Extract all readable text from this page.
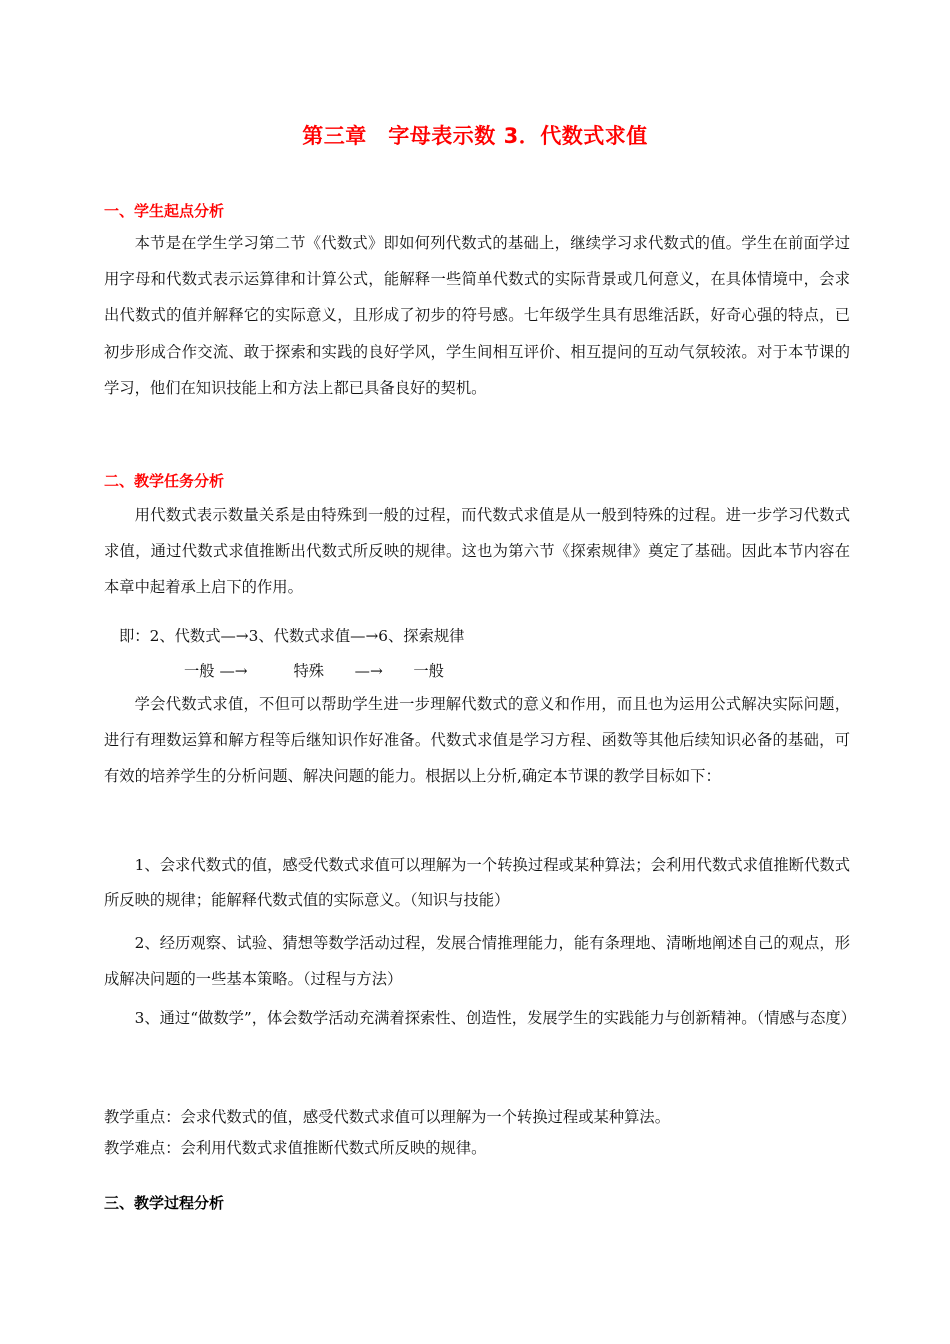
第三章　字母表示数 3．代数式求值
一、学生起点分析
本节是在学生学习第二节《代数式》即如何列代数式的基础上，继续学习求代数式的值。学生在前面学过用字母和代数式表示运算律和计算公式，能解释一些简单代数式的实际背景或几何意义，在具体情境中，会求出代数式的值并解释它的实际意义，且形成了初步的符号感。七年级学生具有思维活跃，好奇心强的特点，已初步形成合作交流、敢于探索和实践的良好学风，学生间相互评价、相互提问的互动气氛较浓。对于本节课的学习，他们在知识技能上和方法上都已具备良好的契机。
二、教学任务分析
用代数式表示数量关系是由特殊到一般的过程，而代数式求值是从一般到特殊的过程。进一步学习代数式求值，通过代数式求值推断出代数式所反映的规律。这也为第六节《探索规律》奠定了基础。因此本节内容在本章中起着承上启下的作用。
即：2、代数式—→3、代数式求值—→6、探索规律
一般 —→　　　特殊　　—→　　一般
学会代数式求值，不但可以帮助学生进一步理解代数式的意义和作用，而且也为运用公式解决实际问题，进行有理数运算和解方程等后继知识作好准备。代数式求值是学习方程、函数等其他后续知识必备的基础，可有效的培养学生的分析问题、解决问题的能力。根据以上分析,确定本节课的教学目标如下：
1、会求代数式的值，感受代数式求值可以理解为一个转换过程或某种算法；会利用代数式求值推断代数式所反映的规律；能解释代数式值的实际意义。（知识与技能）
2、经历观察、试验、猜想等数学活动过程，发展合情推理能力，能有条理地、清晰地阐述自己的观点，形成解决问题的一些基本策略。（过程与方法）
3、通过“做数学”，体会数学活动充满着探索性、创造性，发展学生的实践能力与创新精神。（情感与态度）
教学重点：会求代数式的值，感受代数式求值可以理解为一个转换过程或某种算法。
教学难点：会利用代数式求值推断代数式所反映的规律。
三、教学过程分析
